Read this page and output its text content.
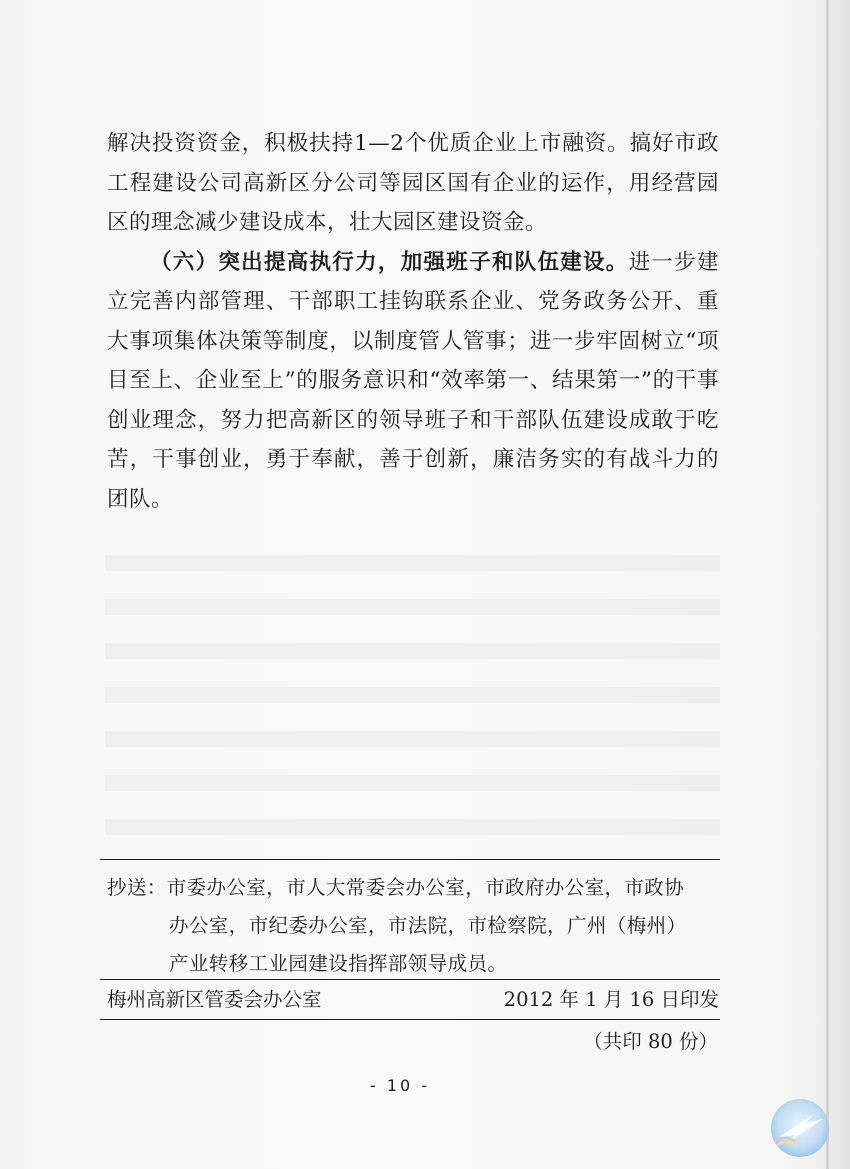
解决投资资金，积极扶持1—2个优质企业上市融资。搞好市政工程建设公司高新区分公司等园区国有企业的运作，用经营园区的理念减少建设成本，壮大园区建设资金。

（六）突出提高执行力，加强班子和队伍建设。进一步建立完善内部管理、干部职工挂钩联系企业、党务政务公开、重大事项集体决策等制度，以制度管人管事；进一步牢固树立“项目至上、企业至上”的服务意识和“效率第一、结果第一”的干事创业理念，努力把高新区的领导班子和干部队伍建设成敢于吃苦，干事创业，勇于奉献，善于创新，廉洁务实的有战斗力的团队。

抄送：市委办公室，市人大常委会办公室，市政府办公室，市政协
办公室，市纪委办公室，市法院，市检察院，广州（梅州）
产业转移工业园建设指挥部领导成员。
梅州高新区管委会办公室	2012 年 1 月 16 日印发
（共印 80 份）
- 10 -
